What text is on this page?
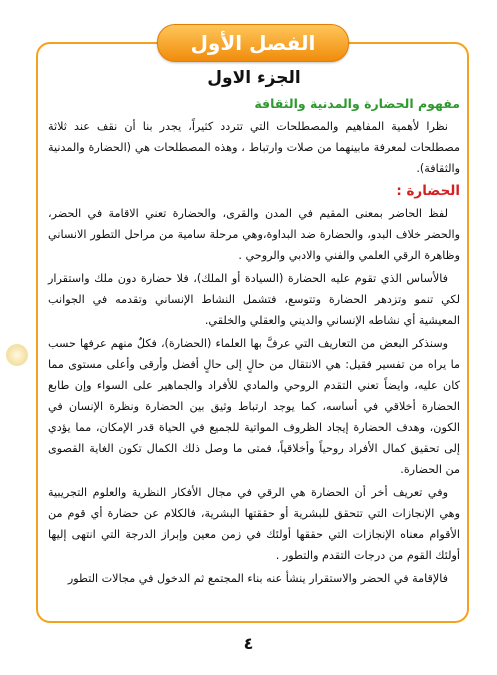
الفصل الأول
الجزء الاول
مفهوم الحضارة والمدنية والثقافة

نظرا لأهمية المفاهيم والمصطلحات التي تتردد كثيراً، يجدر بنا أن نقف عند ثلاثة مصطلحات لمعرفة مابينهما من صلات وارتباط ، وهذه المصطلحات هي (الحضارة والمدنية والثقافة).

الحضارة :

لفظ الحاضر بمعنى المقيم في المدن والقرى، والحضارة تعني الاقامة في الحضر، والحضر خلاف البدو، والحضارة ضد البداوة،وهي مرحلة سامية من مراحل التطور الانساني وظاهرة الرقي العلمي والفني والادبي والروحي .

فالأساس الذي تقوم عليه الحضارة (السيادة أو الملك)، فلا حضارة دون ملك واستقرار لكي تنمو وتزدهر الحضارة وتتوسع، فتشمل النشاط الإنساني وتقدمه في الجوانب المعيشية أي نشاطه الإنساني والديني والعقلي والخلقي.

وسنذكر البعض من التعاريف التي عرفَّ بها العلماء (الحضارة)، فكلٌ منهم عرفها حسب ما يراه من تفسير فقيل: هي الانتقال من حالٍ إلى حالٍ أفضل وأرقى وأعلى مستوى مما كان عليه، وايضاً تعني التقدم الروحي والمادي للأفراد والجماهير على السواء وإن طابع الحضارة أخلاقي في أساسه، كما يوجد ارتباط وثيق بين الحضارة ونظرة الإنسان في الكون، وهدف الحضارة إيجاد الظروف المواتية للجميع في الحياة قدر الإمكان، مما يؤدي إلى تحقيق كمال الأفراد روحياً وأخلاقياً، فمتى ما وصل ذلك الكمال تكون الغاية القصوى من الحضارة.

وفي تعريف أخر أن الحضارة هي الرقي في مجال الأفكار النظرية والعلوم التجريبية وهي الإنجازات التي تتحقق للبشرية أو حققتها البشرية، فالكلام عن حضارة أي قوم من الأقوام معناه الإنجازات التي حققها أولئك في زمن معين وإبراز الدرجة التي انتهى إليها أولئك القوم من درجات التقدم والتطور .

فالإقامة في الحضر والاستقرار ينشأ عنه بناء المجتمع ثم الدخول في مجالات التطور

٤
